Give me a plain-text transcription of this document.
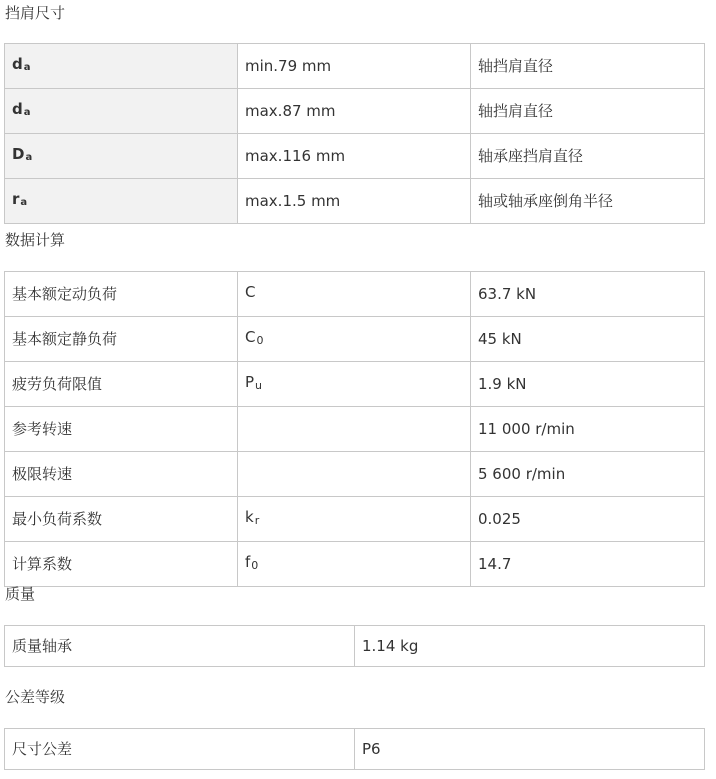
挡肩尺寸
da	min.79 mm	轴挡肩直径
da	max.87 mm	轴挡肩直径
Da	max.116 mm	轴承座挡肩直径
ra	max.1.5 mm	轴或轴承座倒角半径
数据计算
基本额定动负荷	C	63.7 kN
基本额定静负荷	C0	45 kN
疲劳负荷限值	Pu	1.9 kN
参考转速		11 000 r/min
极限转速		5 600 r/min
最小负荷系数	kr	0.025
计算系数	f0	14.7
质量
质量轴承	1.14 kg
公差等级
尺寸公差	P6
